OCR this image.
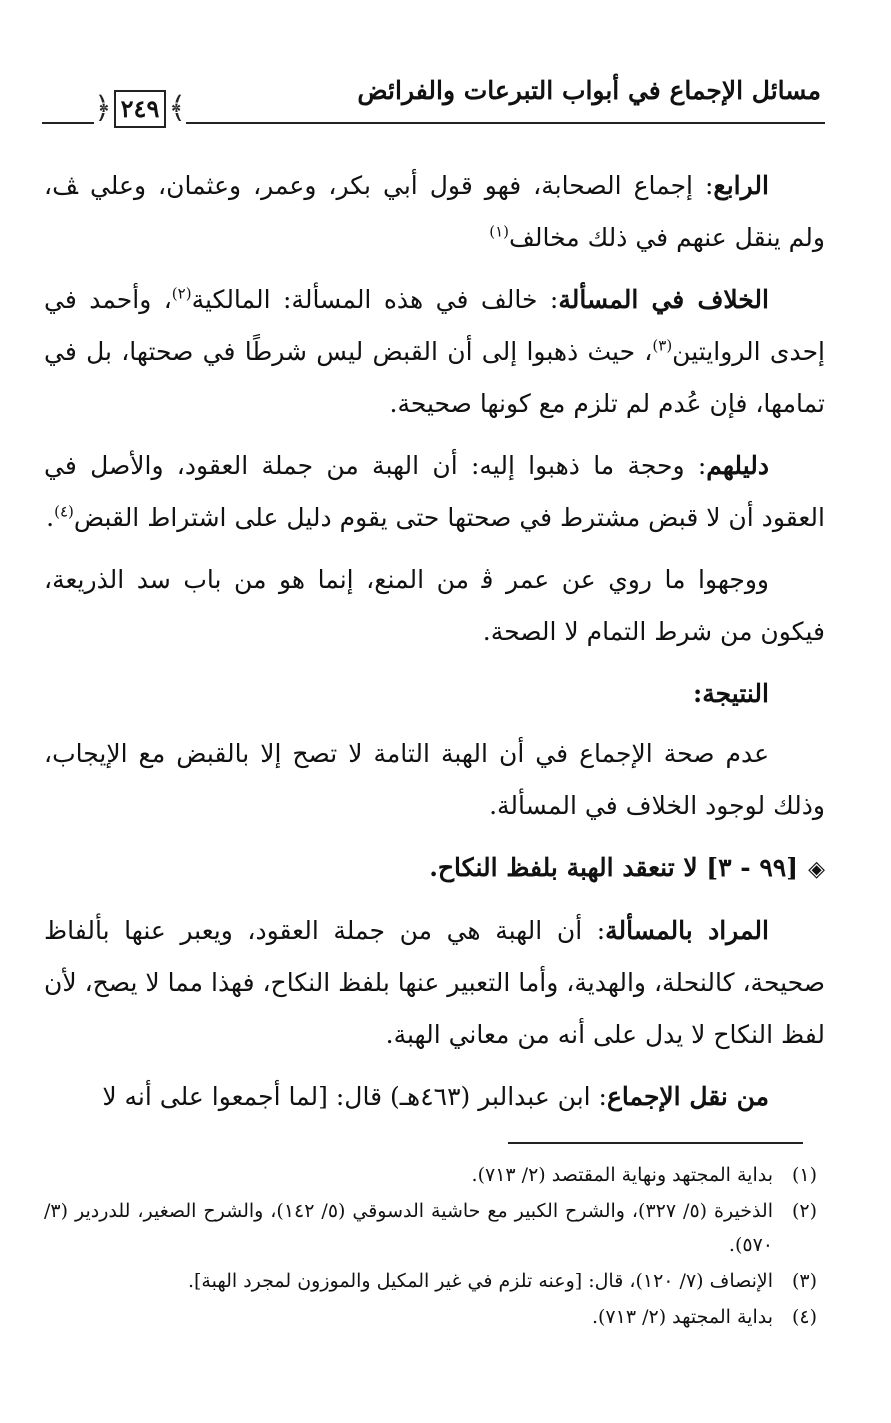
مسائل الإجماع في أبواب التبرعات والفرائض
﴿ ٢٤٩ ﴾

الرابع: إجماع الصحابة، فهو قول أبي بكر، وعمر، وعثمان، وعلي ﭫ، ولم ينقل عنهم في ذلك مخالف$^{(١)}$

الخلاف في المسألة: خالف في هذه المسألة: المالكية$^{(٢)}$، وأحمد في إحدى الروايتين$^{(٣)}$، حيث ذهبوا إلى أن القبض ليس شرطًا في صحتها، بل في تمامها، فإن عُدم لم تلزم مع كونها صحيحة.

دليلهم: وحجة ما ذهبوا إليه: أن الهبة من جملة العقود، والأصل في العقود أن لا قبض مشترط في صحتها حتى يقوم دليل على اشتراط القبض$^{(٤)}$.

ووجهوا ما روي عن عمر ﭬ من المنع، إنما هو من باب سد الذريعة، فيكون من شرط التمام لا الصحة.

النتيجة:

عدم صحة الإجماع في أن الهبة التامة لا تصح إلا بالقبض مع الإيجاب، وذلك لوجود الخلاف في المسألة.

◈[٩٩ - ٣] لا تنعقد الهبة بلفظ النكاح.

المراد بالمسألة: أن الهبة هي من جملة العقود، ويعبر عنها بألفاظ صحيحة، كالنحلة، والهدية، وأما التعبير عنها بلفظ النكاح، فهذا مما لا يصح، لأن لفظ النكاح لا يدل على أنه من معاني الهبة.

من نقل الإجماع: ابن عبدالبر (٤٦٣هـ) قال: [لما أجمعوا على أنه لا

(١)
بداية المجتهد ونهاية المقتصد (٢/ ٧١٣).

(٢)
الذخيرة (٥/ ٣٢٧)، والشرح الكبير مع حاشية الدسوقي (٥/ ١٤٢)، والشرح الصغير، للدردير (٣/ ٥٧٠).

(٣)
الإنصاف (٧/ ١٢٠)، قال: [وعنه تلزم في غير المكيل والموزون لمجرد الهبة].

(٤)
بداية المجتهد (٢/ ٧١٣).
